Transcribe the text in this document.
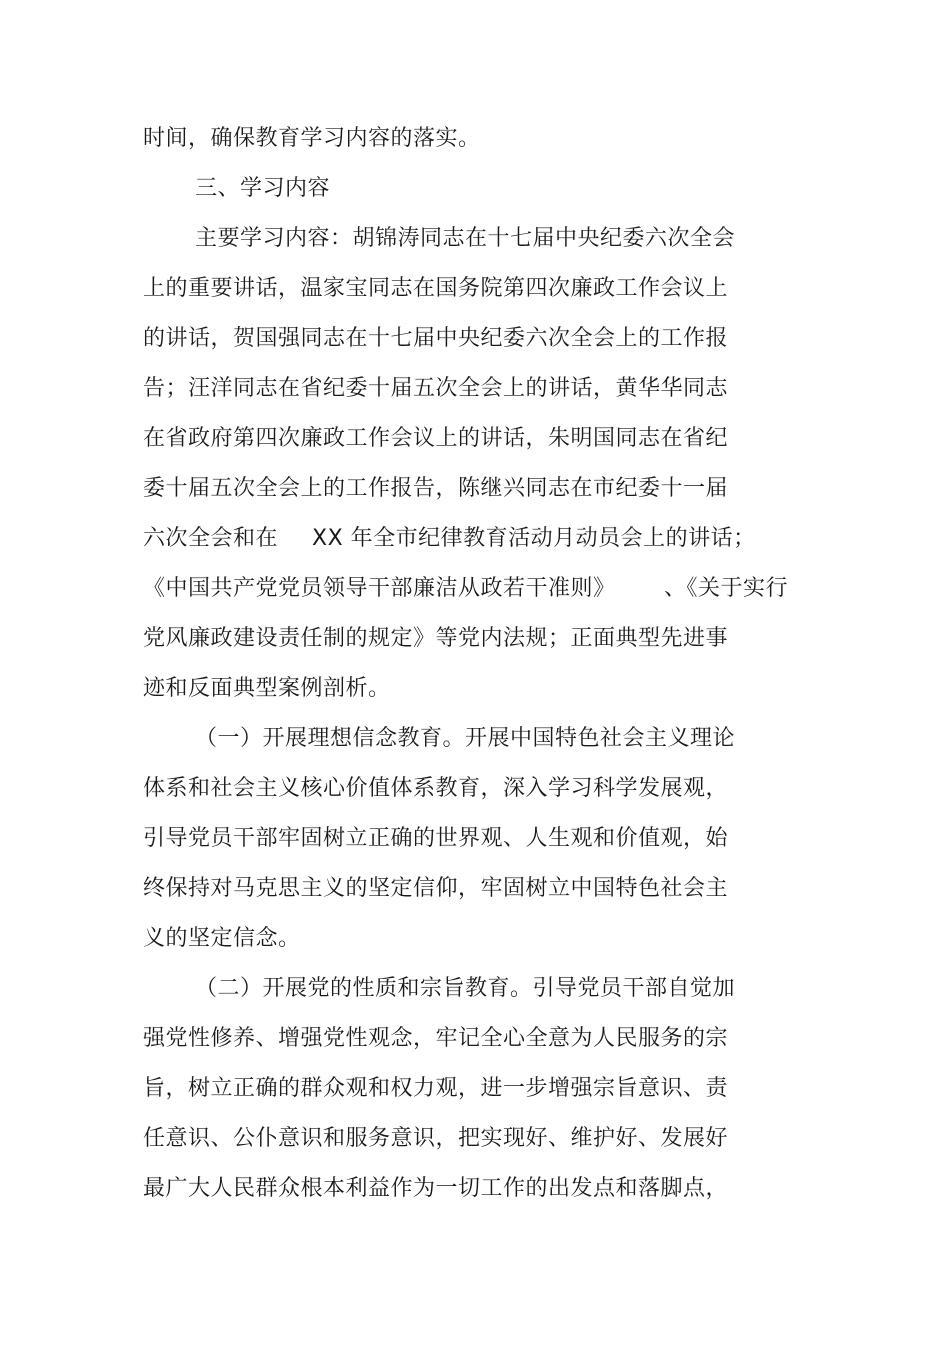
时间，确保教育学习内容的落实。
三、学习内容
主要学习内容：胡锦涛同志在十七届中央纪委六次全会
上的重要讲话，温家宝同志在国务院第四次廉政工作会议上
的讲话，贺国强同志在十七届中央纪委六次全会上的工作报
告；汪洋同志在省纪委十届五次全会上的讲话，黄华华同志
在省政府第四次廉政工作会议上的讲话，朱明国同志在省纪
委十届五次全会上的工作报告，陈继兴同志在市纪委十一届
六次全会和在 XX 年全市纪律教育活动月动员会上的讲话；
《中国共产党党员领导干部廉洁从政若干准则》 、《关于实行
党风廉政建设责任制的规定》等党内法规；正面典型先进事
迹和反面典型案例剖析。
（一）开展理想信念教育。开展中国特色社会主义理论
体系和社会主义核心价值体系教育，深入学习科学发展观，
引导党员干部牢固树立正确的世界观、人生观和价值观，始
终保持对马克思主义的坚定信仰，牢固树立中国特色社会主
义的坚定信念。
（二）开展党的性质和宗旨教育。引导党员干部自觉加
强党性修养、增强党性观念，牢记全心全意为人民服务的宗
旨，树立正确的群众观和权力观，进一步增强宗旨意识、责
任意识、公仆意识和服务意识，把实现好、维护好、发展好
最广大人民群众根本利益作为一切工作的出发点和落脚点，
